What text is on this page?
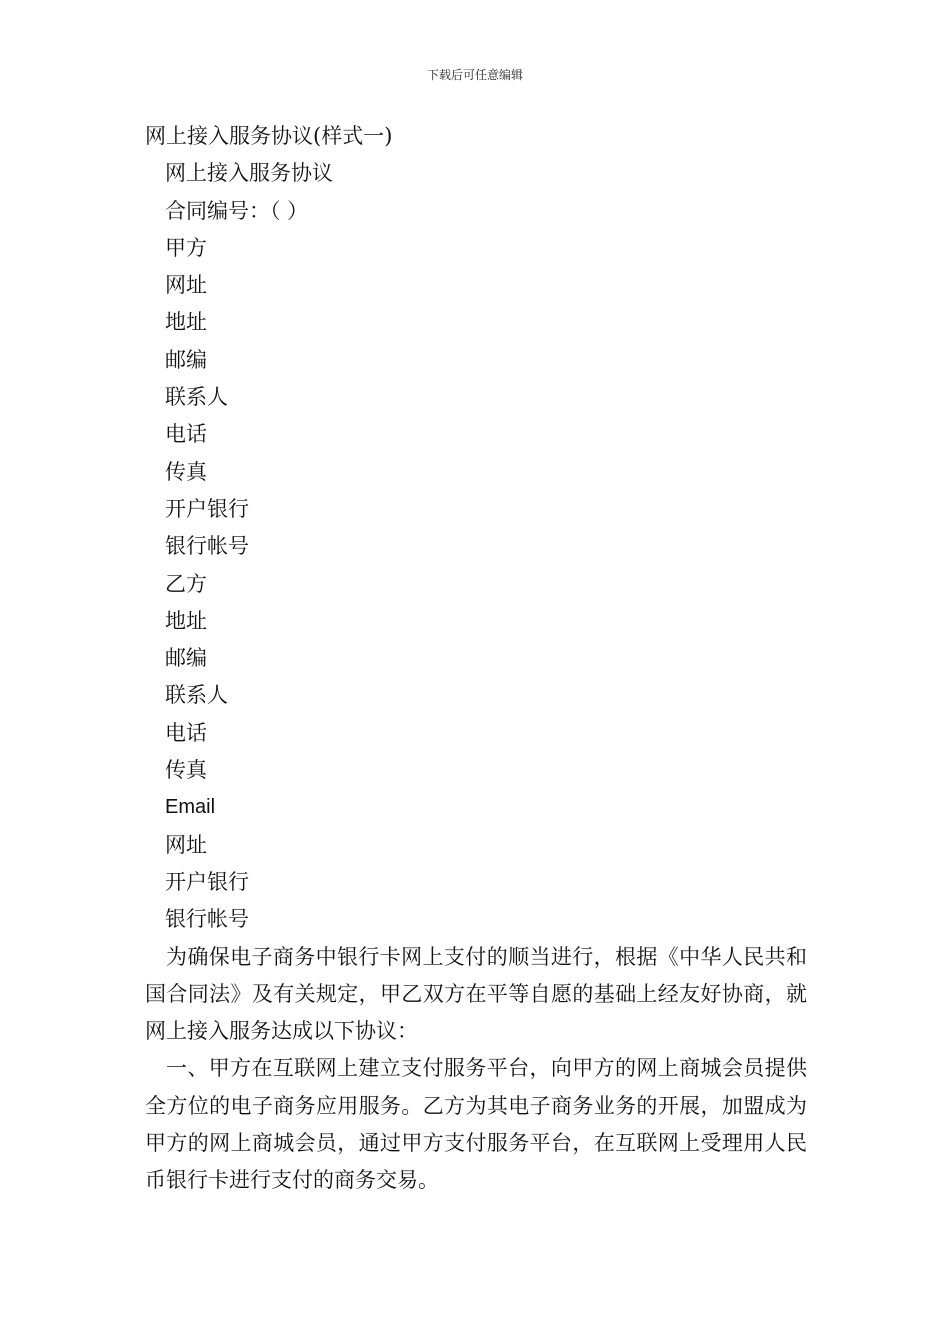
下载后可任意编辑
网上接入服务协议(样式一)
网上接入服务协议
合同编号：（ ）
甲方
网址
地址
邮编
联系人
电话
传真
开户银行
银行帐号
乙方
地址
邮编
联系人
电话
传真
Email
网址
开户银行
银行帐号

为确保电子商务中银行卡网上支付的顺当进行，根据《中华人民共和国合同法》及有关规定，甲乙双方在平等自愿的基础上经友好协商，就网上接入服务达成以下协议：

一、甲方在互联网上建立支付服务平台，向甲方的网上商城会员提供全方位的电子商务应用服务。乙方为其电子商务业务的开展，加盟成为甲方的网上商城会员，通过甲方支付服务平台，在互联网上受理用人民币银行卡进行支付的商务交易。
